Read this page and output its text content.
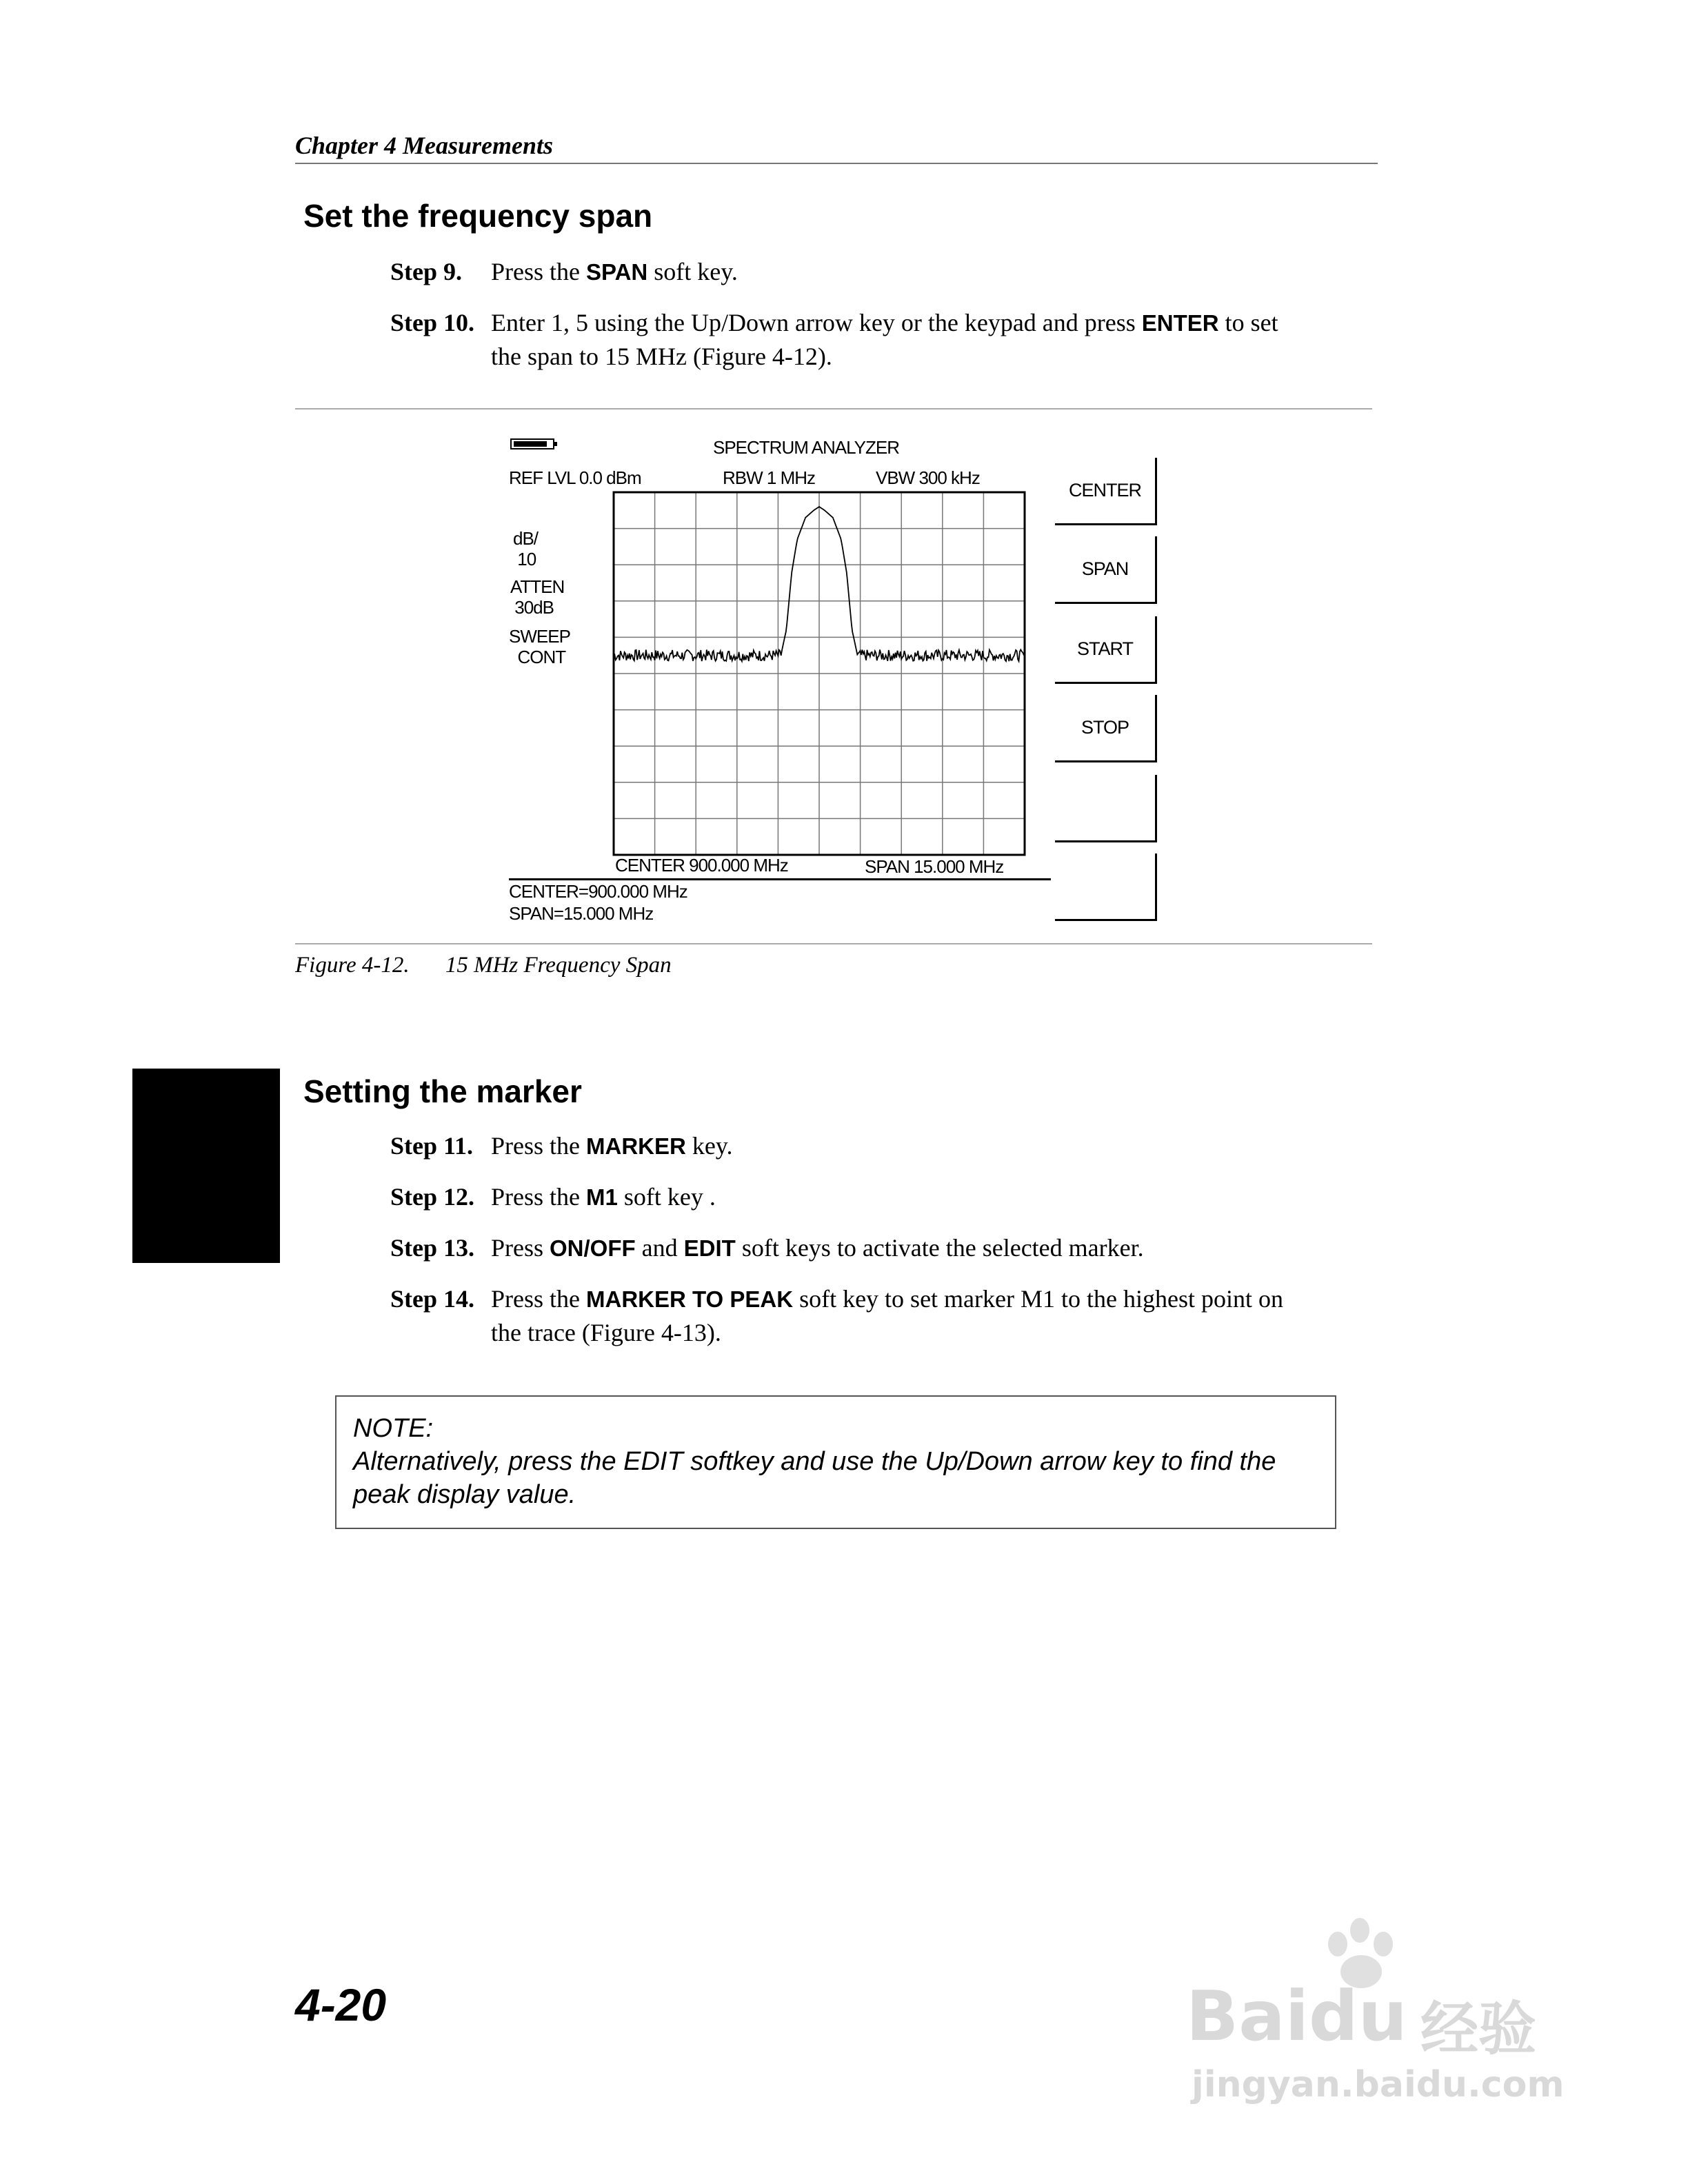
Chapter 4 Measurements
Set the frequency span
Step 9. Press the SPAN soft key.
Step 10. Enter 1, 5 using the Up/Down arrow key or the keypad and press ENTER to set
the span to 15 MHz (Figure 4-12).
SPECTRUM ANALYZER
REF LVL 0.0 dBm	RBW 1 MHz	VBW 300 kHz
dB/
10
ATTEN
30dB
SWEEP
CONT
CENTER 900.000 MHz	SPAN 15.000 MHz
CENTER=900.000 MHz
SPAN=15.000 MHz
CENTER
SPAN
START
STOP
Figure 4-12. 15 MHz Frequency Span
Setting the marker
Step 11. Press the MARKER key.
Step 12. Press the M1 soft key .
Step 13. Press ON/OFF and EDIT soft keys to activate the selected marker.
Step 14. Press the MARKER TO PEAK soft key to set marker M1 to the highest point on
the trace (Figure 4-13).
NOTE:
Alternatively, press the EDIT softkey and use the Up/Down arrow key to find the
peak display value.
4-20	Baidu 经验
jingyan.baidu.com
